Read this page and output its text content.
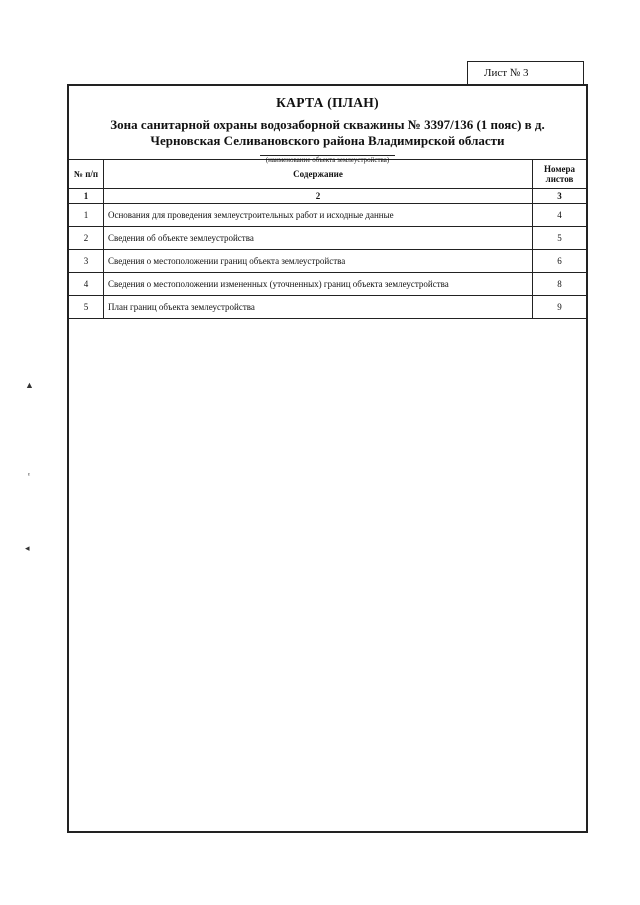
Лист № 3
КАРТА (ПЛАН)
Зона санитарной охраны водозаборной скважины № 3397/136 (1 пояс) в д.
Черновская Селивановского района Владимирской области
(наименование объекта землеустройства)
№ п/п	Содержание	Номера листов
1	2	3
1	Основания для проведения землеустроительных работ и исходные данные	4
2	Сведения об объекте землеустройства	5
3	Сведения о местоположении границ объекта землеустройства	6
4	Сведения о местоположении измененных (уточненных) границ объекта землеустройства	8
5	План границ объекта землеустройства	9
▲
ᵋ
◂
